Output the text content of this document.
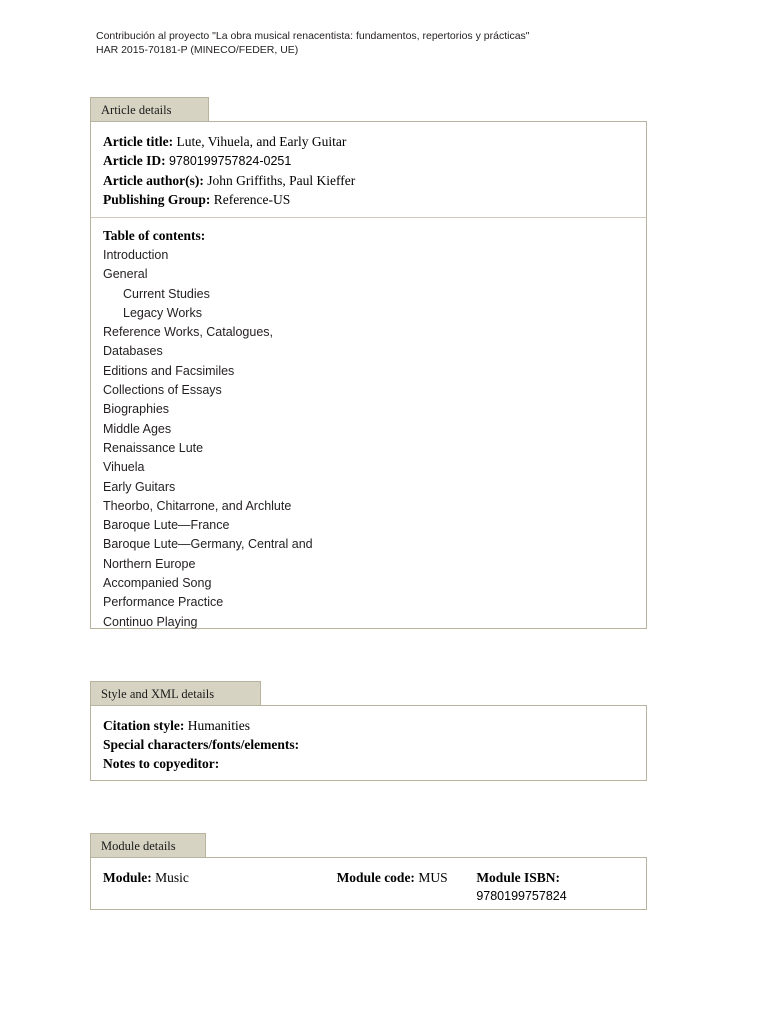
Contribución al proyecto "La obra musical renacentista: fundamentos, repertorios y prácticas"
HAR 2015-70181-P (MINECO/FEDER, UE)
Article details
Article title: Lute, Vihuela, and Early Guitar
Article ID: 9780199757824-0251
Article author(s): John Griffiths, Paul Kieffer
Publishing Group: Reference-US
Table of contents:
Introduction
General
Current Studies
Legacy Works
Reference Works, Catalogues,
Databases
Editions and Facsimiles
Collections of Essays
Biographies
Middle Ages
Renaissance Lute
Vihuela
Early Guitars
Theorbo, Chitarrone, and Archlute
Baroque Lute—France
Baroque Lute—Germany, Central and
Northern Europe
Accompanied Song
Performance Practice
Continuo Playing
Style and XML details
Citation style: Humanities
Special characters/fonts/elements:
Notes to copyeditor:
Module details
Module: Music	Module code: MUS	Module ISBN:
9780199757824
